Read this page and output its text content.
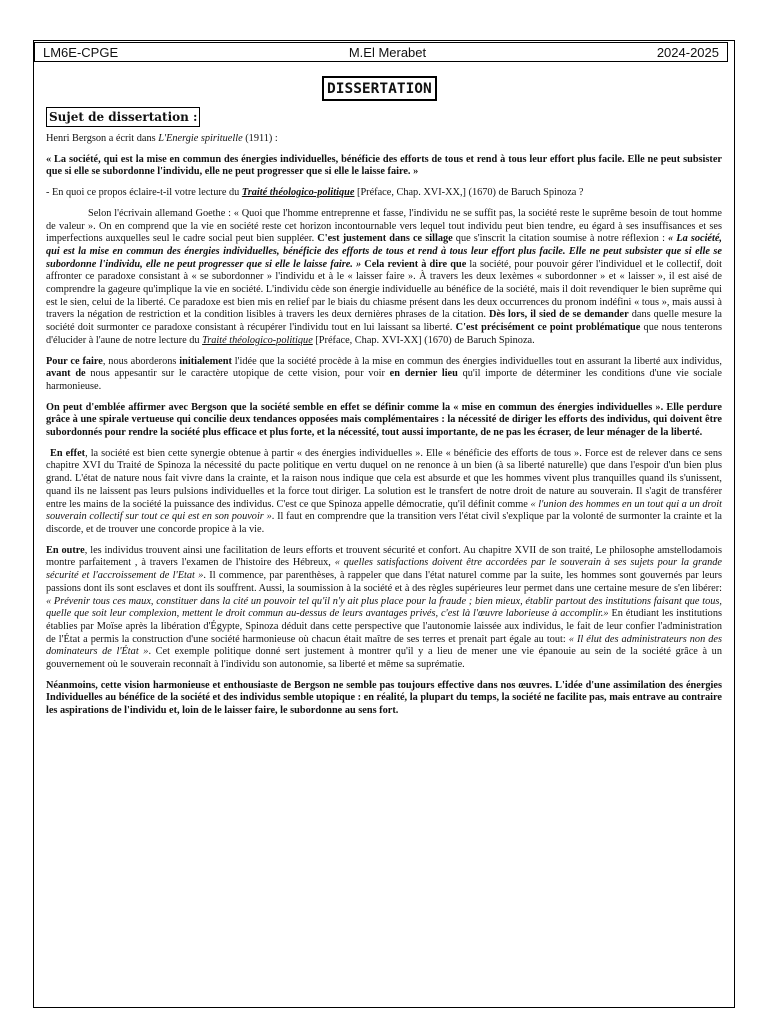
LM6E-CPGE	M.El Merabet	2024-2025
DISSERTATION
Sujet de dissertation :

Henri Bergson a écrit dans L'Energie spirituelle (1911) :

« La société, qui est la mise en commun des énergies individuelles, bénéficie des efforts de tous et rend à tous leur effort plus facile. Elle ne peut subsister que si elle se subordonne l'individu, elle ne peut progresser que si elle le laisse faire. »

- En quoi ce propos éclaire-t-il votre lecture du Traité théologico-politique [Préface, Chap. XVI-XX,] (1670) de Baruch Spinoza ?

Selon l'écrivain allemand Goethe : « Quoi que l'homme entreprenne et fasse, l'individu ne se suffit pas, la société reste le suprême besoin de tout homme de valeur ». On en comprend que la vie en société reste cet horizon incontournable vers lequel tout individu peut bien tendre, eu égard à ses insuffisances et ses imperfections auxquelles seul le cadre social peut bien suppléer. C'est justement dans ce sillage que s'inscrit la citation soumise à notre réflexion : « La société, qui est la mise en commun des énergies individuelles, bénéficie des efforts de tous et rend à tous leur effort plus facile. Elle ne peut subsister que si elle se subordonne l'individu, elle ne peut progresser que si elle le laisse faire. » Cela revient à dire que la société, pour pouvoir gérer l'individuel et le collectif, doit affronter ce paradoxe consistant à « se subordonner » l'individu et à le « laisser faire ». À travers les deux lexèmes « subordonner » et « laisser », il est aisé de comprendre la gageure qu'implique la vie en société. L'individu cède son énergie individuelle au bénéfice de la société, mais il doit revendiquer le bien suprême qui est le sien, celui de la liberté. Ce paradoxe est bien mis en relief par le biais du chiasme présent dans les deux occurrences du pronom indéfini « tous », mais aussi à travers la négation de restriction et la condition lisibles à travers les deux dernières phrases de la citation. Dès lors, il sied de se demander dans quelle mesure la société doit surmonter ce paradoxe consistant à récupérer l'individu tout en lui laissant sa liberté. C'est précisément ce point problématique que nous tenterons d'élucider à l'aune de notre lecture du Traité théologico-politique [Préface, Chap. XVI-XX] (1670) de Baruch Spinoza.

Pour ce faire, nous aborderons initialement l'idée que la société procède à la mise en commun des énergies individuelles tout en assurant la liberté aux individus, avant de nous appesantir sur le caractère utopique de cette vision, pour voir en dernier lieu qu'il importe de déterminer les conditions d'une vie sociale harmonieuse.

On peut d'emblée affirmer avec Bergson que la société semble en effet se définir comme la « mise en commun des énergies individuelles ». Elle perdure grâce à une spirale vertueuse qui concilie deux tendances opposées mais complémentaires : la nécessité de diriger les efforts des individus, qui doivent être subordonnés pour rendre la société plus efficace et plus forte, et la nécessité, tout aussi importante, de ne pas les écraser, de leur ménager de la liberté.

En effet, la société est bien cette synergie obtenue à partir « des énergies individuelles ». Elle « bénéficie des efforts de tous ». Force est de relever dans ce sens chapitre XVI du Traité de Spinoza la nécessité du pacte politique en vertu duquel on ne renonce à un bien (à sa liberté naturelle) que dans l'espoir d'un bien plus grand. L'état de nature nous fait vivre dans la crainte, et la raison nous indique que cela est absurde et que les hommes vivent plus tranquilles quand ils s'unissent, quand ils ne laissent pas leurs pulsions individuelles et la force tout diriger. La solution est le transfert de notre droit de nature au souverain. Il s'agit de transférer entre les mains de la société la puissance des individus. C'est ce que Spinoza appelle démocratie, qu'il définit comme « l'union des hommes en un tout qui a un droit souverain collectif sur tout ce qui est en son pouvoir ». Il faut en comprendre que la transition vers l'état civil s'explique par la volonté de surmonter la crainte et la discorde, et de trouver une concorde propice à la vie.

En outre, les individus trouvent ainsi une facilitation de leurs efforts et trouvent sécurité et confort. Au chapitre XVII de son traité, Le philosophe amstellodamois montre parfaitement , à travers l'examen de l'histoire des Hébreux, « quelles satisfactions doivent être accordées par le souverain à ses sujets pour la grande sécurité et l'accroissement de l'Etat ». Il commence, par parenthèses, à rappeler que dans l'état naturel comme par la suite, les hommes sont gouvernés par leurs passions dont ils sont esclaves et dont ils souffrent. Aussi, la soumission à la société et à des règles supérieures leur permet dans une certaine mesure de s'en libérer: « Prévenir tous ces maux, constituer dans la cité un pouvoir tel qu'il n'y ait plus place pour la fraude ; bien mieux, établir partout des institutions faisant que tous, quelle que soit leur complexion, mettent le droit commun au-dessus de leurs avantages privés, c'est là l'œuvre laborieuse à accomplir.» En étudiant les institutions établies par Moïse après la libération d'Égypte, Spinoza déduit dans cette perspective que l'autonomie laissée aux individus, le fait de leur confier l'administration de l'État a permis la construction d'une société harmonieuse où chacun était maître de ses terres et prenait part égale au tout: « Il élut des administrateurs non des dominateurs de l'État ». Cet exemple politique donné sert justement à montrer qu'il y a lieu de mener une vie épanouie au sein de la société grâce à un gouvernement où le souverain reconnaît à l'individu son autonomie, sa liberté et même sa suprématie.

Néanmoins, cette vision harmonieuse et enthousiaste de Bergson ne semble pas toujours effective dans nos œuvres. L'idée d'une assimilation des énergies Individuelles au bénéfice de la société et des individus semble utopique : en réalité, la plupart du temps, la société ne facilite pas, mais entrave au contraire les aspirations de l'individu et, loin de le laisser faire, le subordonne au sens fort.
